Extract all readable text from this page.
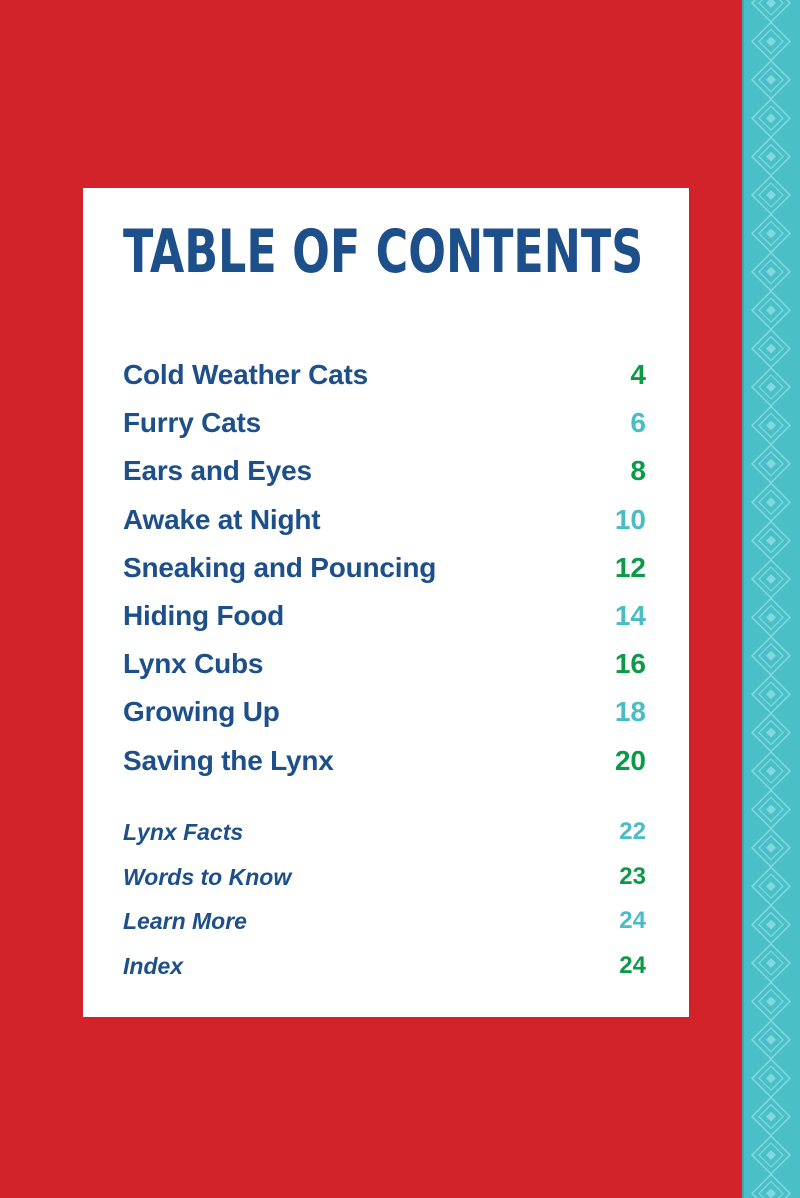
TABLE OF CONTENTS
Cold Weather Cats	4
Furry Cats	6
Ears and Eyes	8
Awake at Night	10
Sneaking and Pouncing	12
Hiding Food	14
Lynx Cubs	16
Growing Up	18
Saving the Lynx	20
Lynx Facts	22
Words to Know	23
Learn More	24
Index	24
